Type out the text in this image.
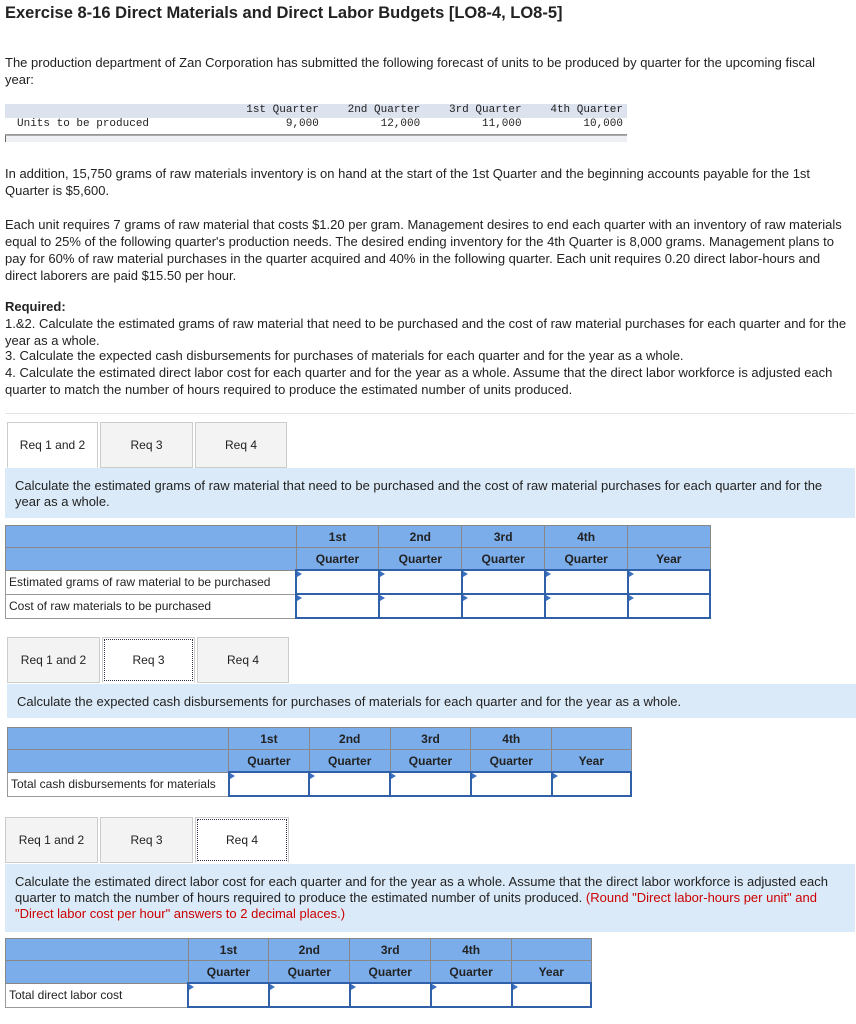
Exercise 8-16 Direct Materials and Direct Labor Budgets [LO8-4, LO8-5]

The production department of Zan Corporation has submitted the following forecast of units to be produced by quarter for the upcoming fiscal year:

1st Quarter	2nd Quarter	3rd Quarter	4th Quarter
Units to be produced	9,000	12,000	11,000	10,000

In addition, 15,750 grams of raw materials inventory is on hand at the start of the 1st Quarter and the beginning accounts payable for the 1st Quarter is $5,600.

Each unit requires 7 grams of raw material that costs $1.20 per gram. Management desires to end each quarter with an inventory of raw materials equal to 25% of the following quarter's production needs. The desired ending inventory for the 4th Quarter is 8,000 grams. Management plans to pay for 60% of raw material purchases in the quarter acquired and 40% in the following quarter. Each unit requires 0.20 direct labor-hours and direct laborers are paid $15.50 per hour.

Required:

1.&2. Calculate the estimated grams of raw material that need to be purchased and the cost of raw material purchases for each quarter and for the year as a whole.

3. Calculate the expected cash disbursements for purchases of materials for each quarter and for the year as a whole.

4. Calculate the estimated direct labor cost for each quarter and for the year as a whole. Assume that the direct labor workforce is adjusted each quarter to match the number of hours required to produce the estimated number of units produced.

Req 1 and 2	Req 3	Req 4
Calculate the estimated grams of raw material that need to be purchased and the cost of raw material purchases for each quarter and for the year as a whole.
	1st	2nd	3rd	4th	
	Quarter	Quarter	Quarter	Quarter	Year
Estimated grams of raw material to be purchased					
Cost of raw materials to be purchased					
Req 1 and 2	Req 3	Req 4
Calculate the expected cash disbursements for purchases of materials for each quarter and for the year as a whole.
	1st	2nd	3rd	4th	
	Quarter	Quarter	Quarter	Quarter	Year
Total cash disbursements for materials					
Req 1 and 2	Req 3	Req 4
Calculate the estimated direct labor cost for each quarter and for the year as a whole. Assume that the direct labor workforce is adjusted each quarter to match the number of hours required to produce the estimated number of units produced. (Round "Direct labor-hours per unit" and "Direct labor cost per hour" answers to 2 decimal places.)
	1st	2nd	3rd	4th	
	Quarter	Quarter	Quarter	Quarter	Year
Total direct labor cost					
